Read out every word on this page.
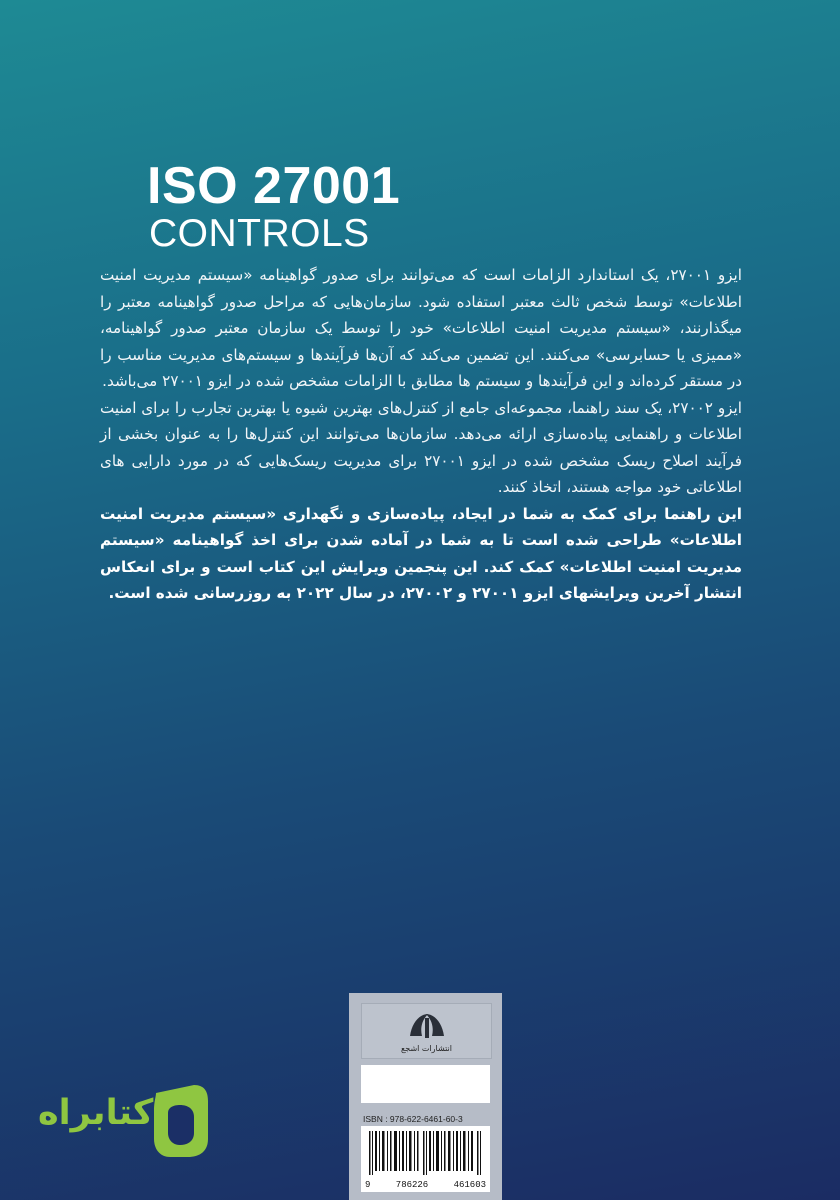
ISO 27001
CONTROLS

ایزو ۲۷۰۰۱، یک استاندارد الزامات است که می‌توانند برای صدور گواهینامه «سیستم مدیریت امنیت اطلاعات» توسط شخص ثالث معتبر استفاده شود. سازمان‌هایی که مراحل صدور گواهینامه معتبر را میگذارنند، «سیستم مدیریت امنیت اطلاعات» خود را توسط یک سازمان معتبر صدور گواهینامه، «ممیزی یا حسابرسی» می‌کنند. این تضمین می‌کند که آن‌ها فرآیندها و سیستم‌های مدیریت مناسب را در مستقر کرده‌اند و این فرآیندها و سیستم ها مطابق با الزامات مشخص شده در ایزو ۲۷۰۰۱ می‌باشد.

ایزو ۲۷۰۰۲، یک سند راهنما، مجموعه‌ای جامع از کنترل‌های بهترین شیوه یا بهترین تجارب را برای امنیت اطلاعات و راهنمایی پیاده‌سازی ارائه می‌دهد. سازمان‌ها می‌توانند این کنترل‌ها را به عنوان بخشی از فرآیند اصلاح ریسک مشخص شده در ایزو ۲۷۰۰۱ برای مدیریت ریسک‌هایی که در مورد دارایی های اطلاعاتی خود مواجه هستند، اتخاذ کنند.

این راهنما برای کمک به شما در ایجاد، پیاده‌سازی و نگهداری «سیستم مدیریت امنیت اطلاعات» طراحی شده است تا به شما در آماده شدن برای اخذ گواهینامه «سیستم مدیریت امنیت اطلاعات» کمک کند. این پنجمین ویرایش این کتاب است و برای انعکاس انتشار آخرین ویرایشهای ایزو ۲۷۰۰۱ و ۲۷۰۰۲، در سال ۲۰۲۲ به روزرسانی شده است.

انتشارات اشجع
ISBN : 978-622-6461-60-3
9	786226	461603
کتابراه
